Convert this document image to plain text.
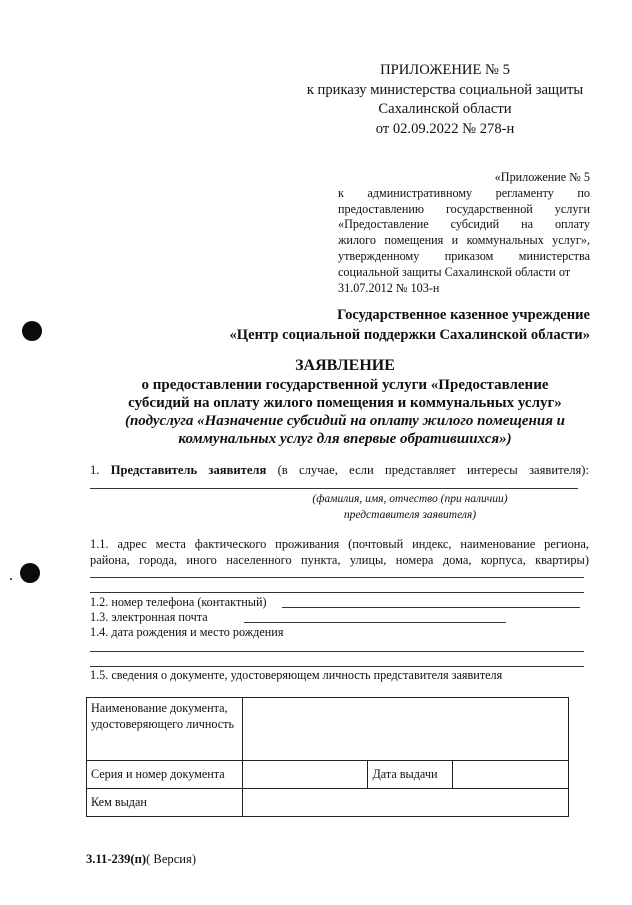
ПРИЛОЖЕНИЕ № 5
к приказу министерства социальной защиты
Сахалинской области
от 02.09.2022 № 278-н
«Приложение № 5
к административному регламенту по
предоставлению государственной услуги
«Предоставление субсидий на оплату
жилого помещения и коммунальных услуг»,
утвержденному приказом министерства
социальной защиты Сахалинской области от
31.07.2012 № 103-н
Государственное казенное учреждение
«Центр социальной поддержки Сахалинской области»
ЗАЯВЛЕНИЕ
о предоставлении государственной услуги «Предоставление
субсидий на оплату жилого помещения и коммунальных услуг»
(подуслуга «Назначение субсидий на оплату жилого помещения и
коммунальных услуг для впервые обратившихся»)
1. Представитель заявителя (в случае, если представляет интересы заявителя):
(фамилия, имя, отчество (при наличии)
представителя заявителя)
1.1. адрес места фактического проживания (почтовый индекс, наименование региона,
района, города, иного населенного пункта, улицы, номера дома, корпуса, квартиры)
1.2. номер телефона (контактный)
1.3. электронная почта
1.4. дата рождения и место рождения
1.5. сведения о документе, удостоверяющем личность представителя заявителя
Наименование документа, удостоверяющего личность			
Серия и номер документа		Дата выдачи	
Кем выдан			
3.11-239(п)( Версия)
